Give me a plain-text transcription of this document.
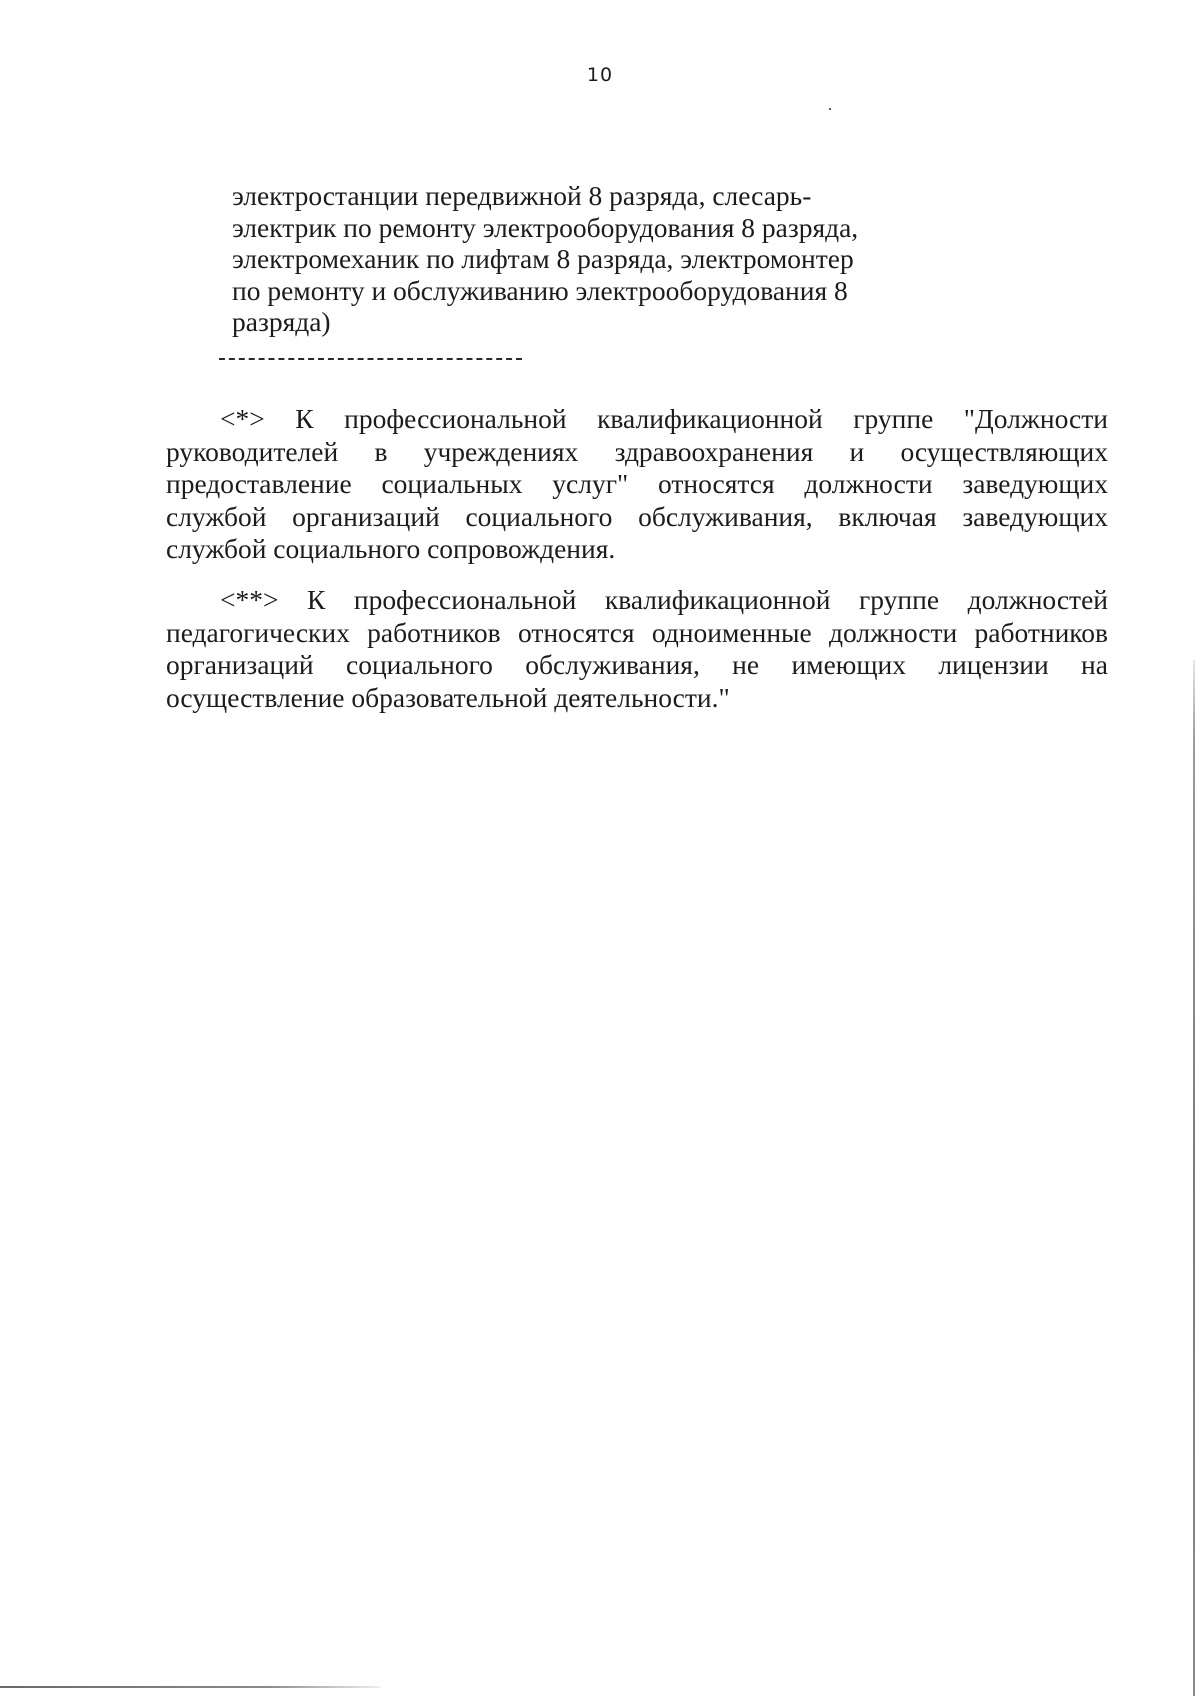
10
электростанции передвижной 8 разряда, слесарь-
электрик по ремонту электрооборудования 8 разряда,
электромеханик по лифтам 8 разряда, электромонтер
по ремонту и обслуживанию электрооборудования 8
разряда)
<*> К профессиональной квалификационной группе "Должности
руководителей в учреждениях здравоохранения и осуществляющих
предоставление социальных услуг" относятся должности заведующих
службой организаций социального обслуживания, включая заведующих
службой социального сопровождения.
<**> К профессиональной квалификационной группе должностей
педагогических работников относятся одноименные должности работников
организаций социального обслуживания, не имеющих лицензии на
осуществление образовательной деятельности."
